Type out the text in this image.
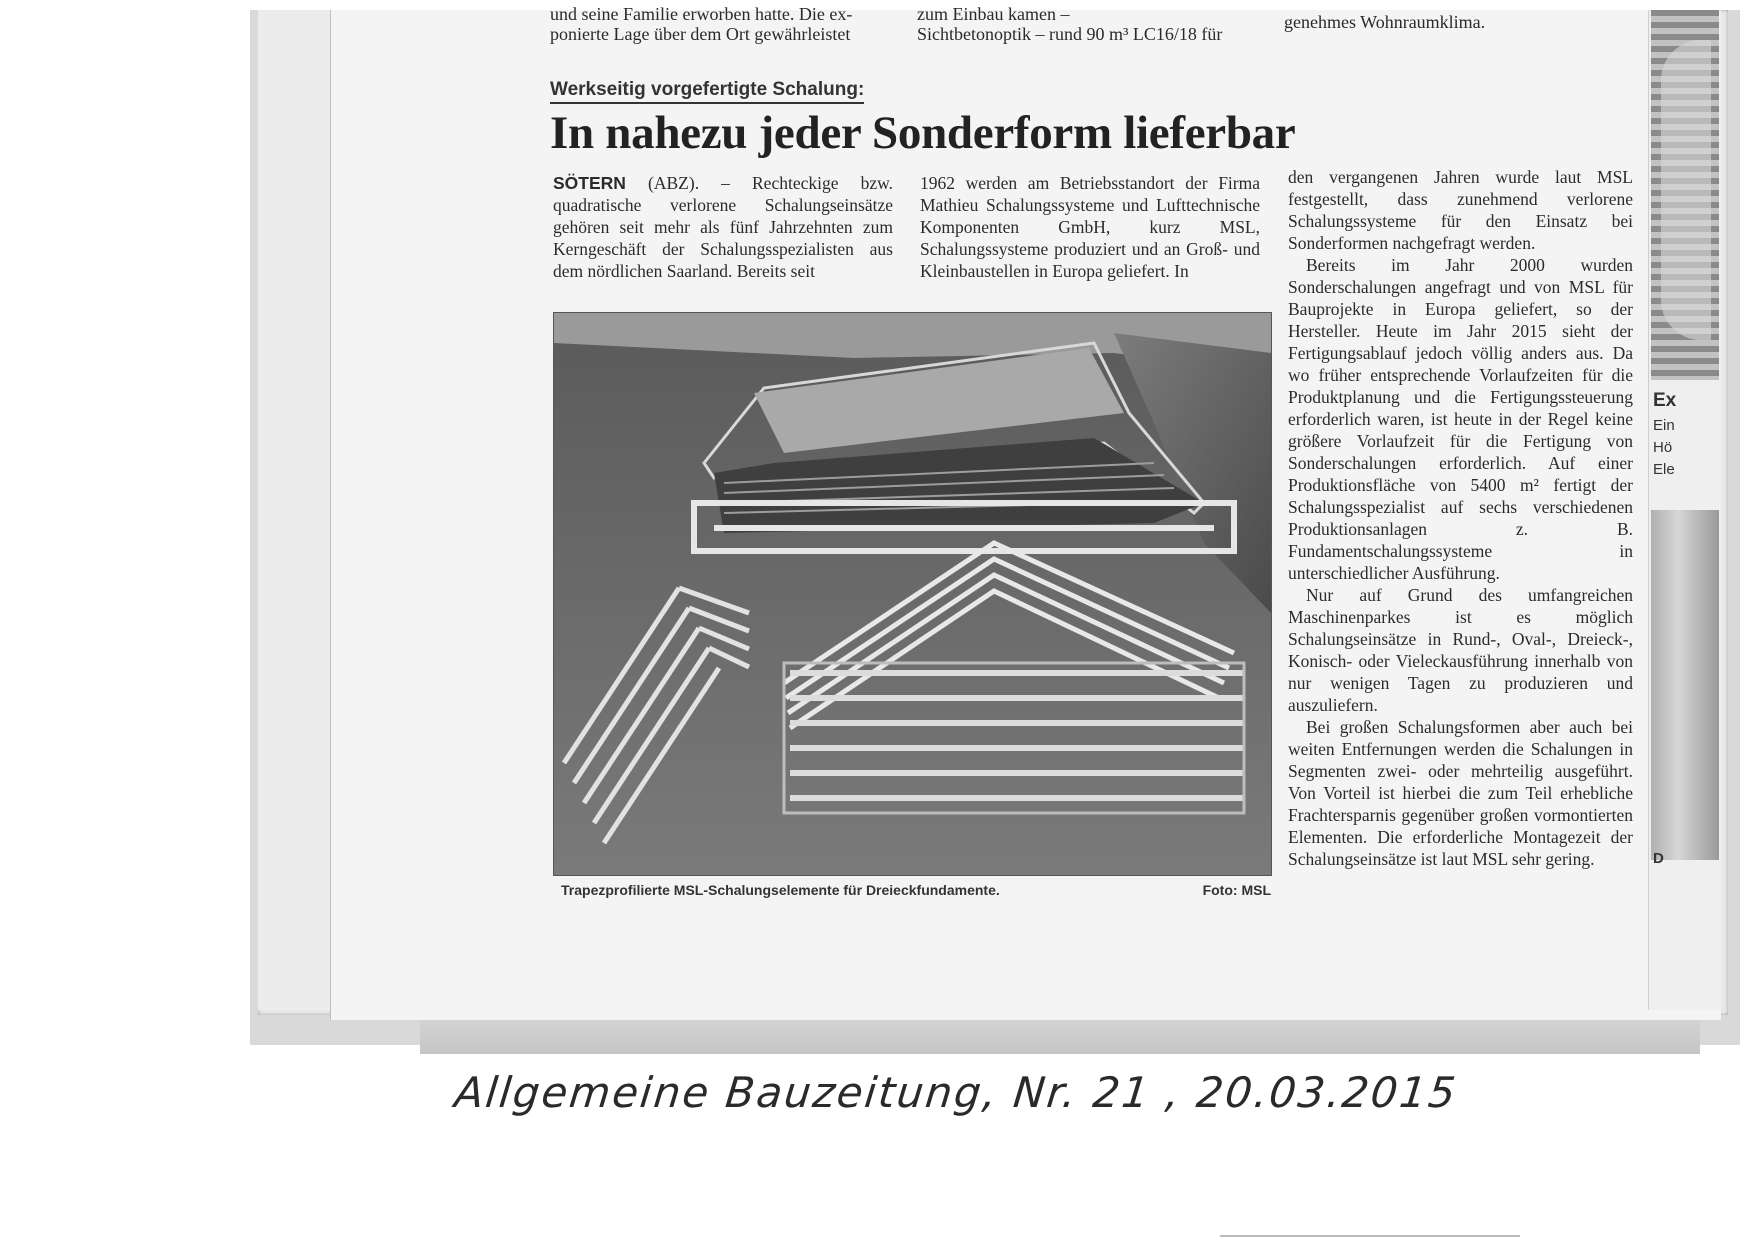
Ex
Ein
Hö
Ele
D
und seine Familie erworben hatte. Die ex-
ponierte Lage über dem Ort gewährleistet
zum Einbau kamen –
Sichtbetonoptik – rund 90 m³ LC16/18 für
genehmes Wohnraumklima.
Werkseitig vorgefertigte Schalung:
In nahezu jeder Sonderform lieferbar

SÖTERN (ABZ). – Rechteckige bzw. quadratische verlorene Schalungseinsätze gehören seit mehr als fünf Jahrzehnten zum Kerngeschäft der Schalungsspezialisten aus dem nördlichen Saarland. Bereits seit

1962 werden am Betriebsstandort der Firma Mathieu Schalungssysteme und Lufttechnische Komponenten GmbH, kurz MSL, Schalungssysteme produziert und an Groß- und Kleinbaustellen in Europa geliefert. In

den vergangenen Jahren wurde laut MSL festgestellt, dass zunehmend verlorene Schalungssysteme für den Einsatz bei Sonderformen nachgefragt werden.

Bereits im Jahr 2000 wurden Sonderschalungen angefragt und von MSL für Bauprojekte in Europa geliefert, so der Hersteller. Heute im Jahr 2015 sieht der Fertigungsablauf jedoch völlig anders aus. Da wo früher entsprechende Vorlaufzeiten für die Produktplanung und die Fertigungssteuerung erforderlich waren, ist heute in der Regel keine größere Vorlaufzeit für die Fertigung von Sonderschalungen erforderlich. Auf einer Produktionsfläche von 5400 m² fertigt der Schalungsspezialist auf sechs verschiedenen Produktionsanlagen z. B. Fundamentschalungssysteme in unterschiedlicher Ausführung.

Nur auf Grund des umfangreichen Maschinenparkes ist es möglich Schalungseinsätze in Rund-, Oval-, Dreieck-, Konisch- oder Vieleckausführung innerhalb von nur wenigen Tagen zu produzieren und auszuliefern.

Bei großen Schalungsformen aber auch bei weiten Entfernungen werden die Schalungen in Segmenten zwei- oder mehrteilig ausgeführt. Von Vorteil ist hierbei die zum Teil erhebliche Frachtersparnis gegenüber großen vormontierten Elementen. Die erforderliche Montagezeit der Schalungseinsätze ist laut MSL sehr gering.

Trapezprofilierte MSL-Schalungselemente für Dreieckfundamente.	Foto: MSL
Allgemeine Bauzeitung, Nr. 21 , 20.03.2015
